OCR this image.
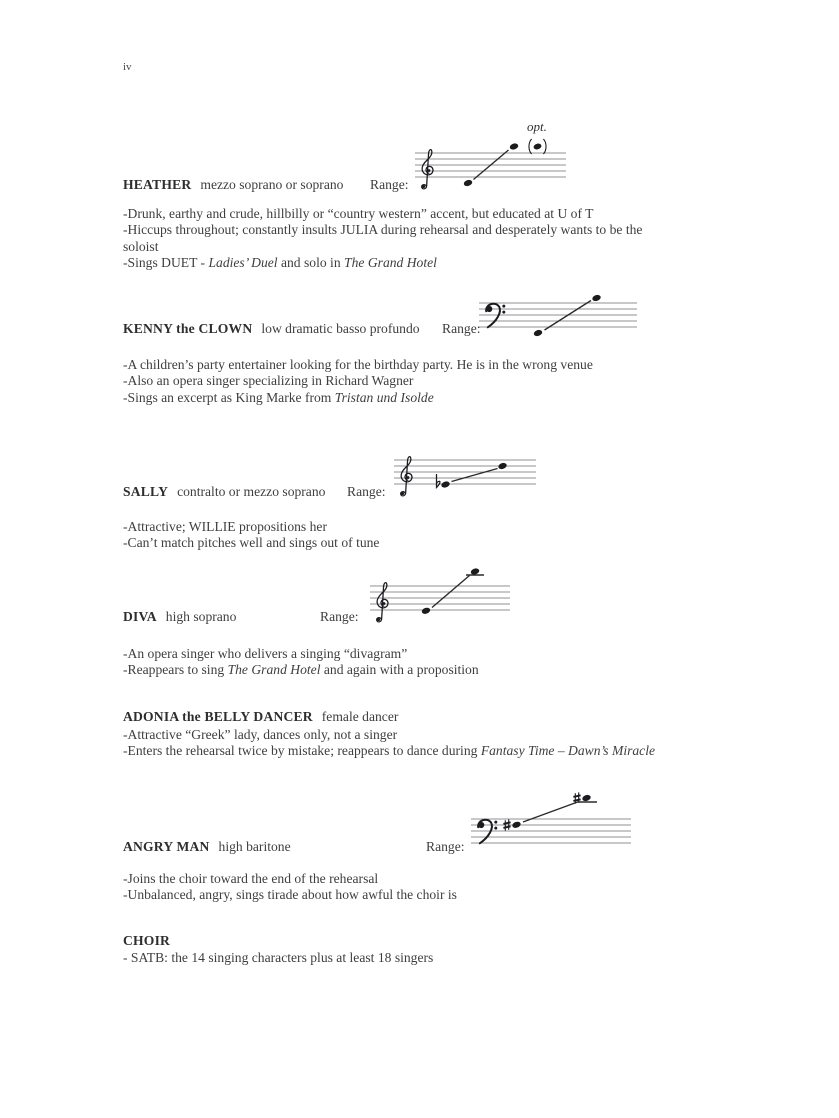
iv
opt.
HEATHER mezzo soprano or soprano Range:
-Drunk, earthy and crude, hillbilly or “country western” accent, but educated at U of T
-Hiccups throughout; constantly insults JULIA during rehearsal and desperately wants to be the
soloist
-Sings DUET - Ladies’ Duel and solo in The Grand Hotel
KENNY the CLOWN low dramatic basso profundo Range:
-A children’s party entertainer looking for the birthday party. He is in the wrong venue
-Also an opera singer specializing in Richard Wagner
-Sings an excerpt as King Marke from Tristan und Isolde
SALLY contralto or mezzo soprano Range:
-Attractive; WILLIE propositions her
-Can’t match pitches well and sings out of tune
DIVA high soprano	Range:
-An opera singer who delivers a singing “divagram”
-Reappears to sing The Grand Hotel and again with a proposition
ADONIA the BELLY DANCER female dancer
-Attractive “Greek” lady, dances only, not a singer
-Enters the rehearsal twice by mistake; reappears to dance during Fantasy Time – Dawn’s Miracle
ANGRY MAN high baritone	Range:
-Joins the choir toward the end of the rehearsal
-Unbalanced, angry, sings tirade about how awful the choir is
CHOIR
- SATB: the 14 singing characters plus at least 18 singers
